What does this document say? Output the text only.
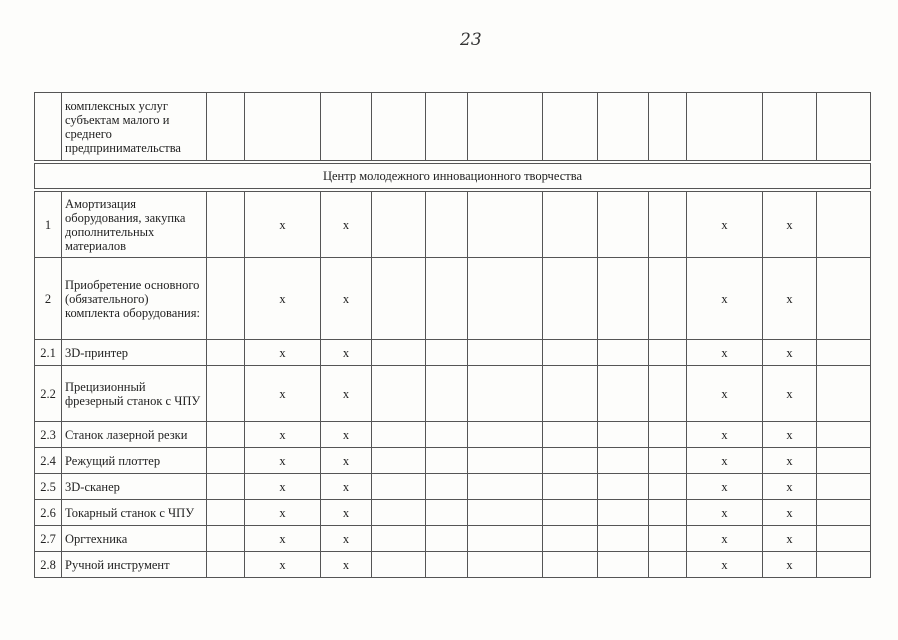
23
	комплексных услуг субъектам малого и среднего предпринимательства												

Центр молодежного инновационного творчества													

1	Амортизация оборудования, закупка дополнительных материалов		x	x							x	x	
2	Приобретение основного (обязательного) комплекта оборудования:		x	x							x	x	
2.1	3D-принтер		x	x							x	x	
2.2	Прецизионный фрезерный станок с ЧПУ		x	x							x	x	
2.3	Станок лазерной резки		x	x							x	x	
2.4	Режущий плоттер		x	x							x	x	
2.5	3D-сканер		x	x							x	x	
2.6	Токарный станок с ЧПУ		x	x							x	x	
2.7	Оргтехника		x	x							x	x	
2.8	Ручной инструмент		x	x							x	x	
